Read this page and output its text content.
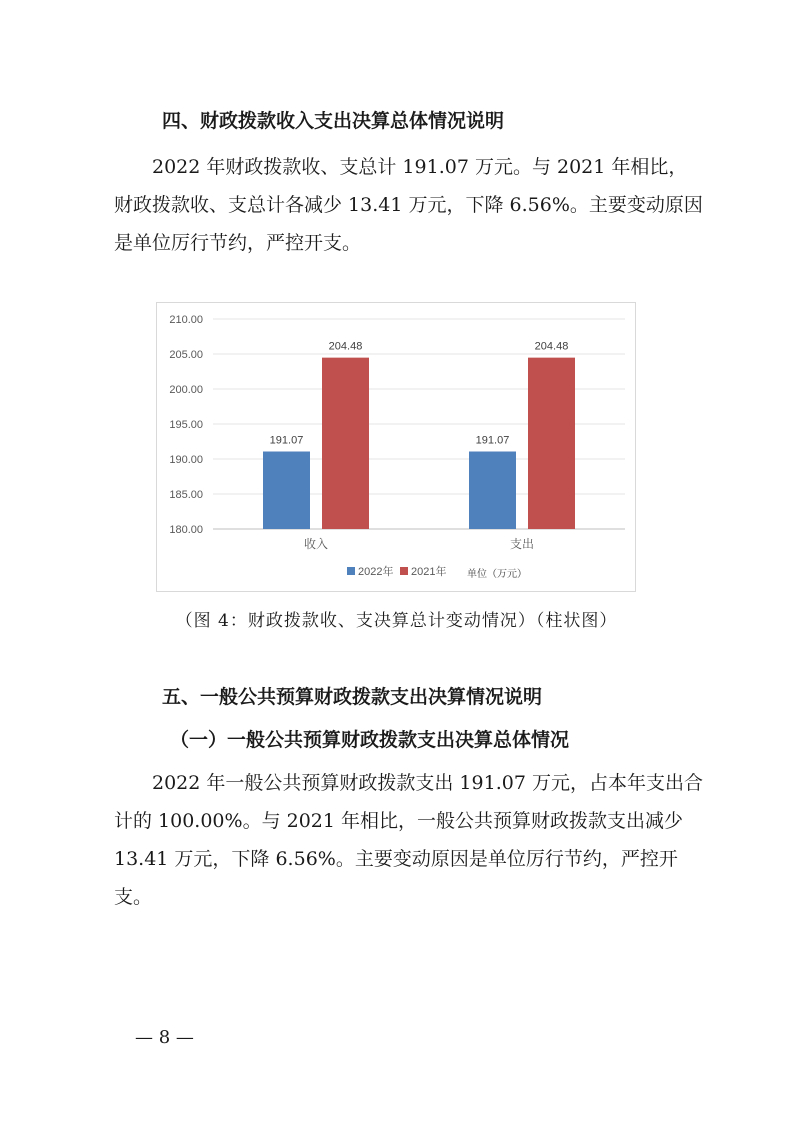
四、财政拨款收入支出决算总体情况说明

2022 年财政拨款收、支总计 191.07 万元。与 2021 年相比，财政拨款收、支总计各减少 13.41 万元，下降 6.56%。主要变动原因是单位厉行节约，严控开支。

180.00
185.00
190.00
195.00
200.00
205.00
210.00
191.07
204.48
收入
191.07
204.48
支出
2022年 2021年 单位（万元）
（图 4：财政拨款收、支决算总计变动情况）（柱状图）
五、一般公共预算财政拨款支出决算情况说明
（一）一般公共预算财政拨款支出决算总体情况

2022 年一般公共预算财政拨款支出 191.07 万元，占本年支出合计的 100.00%。与 2021 年相比，一般公共预算财政拨款支出减少 13.41 万元，下降 6.56%。主要变动原因是单位厉行节约，严控开支。

— 8 —
